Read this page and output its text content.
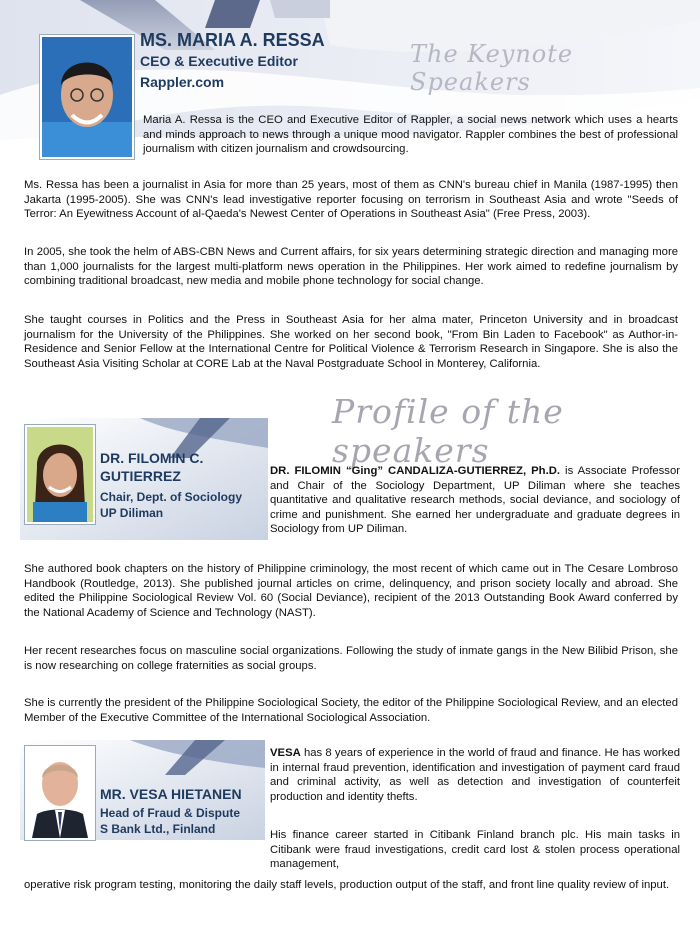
The Keynote Speakers
MS. MARIA A. RESSA
CEO & Executive Editor
Rappler.com

Maria A. Ressa is the CEO and Executive Editor of Rappler, a social news network which uses a hearts and minds approach to news through a unique mood navigator. Rappler combines the best of professional journalism with citizen journalism and crowdsourcing.

Ms. Ressa has been a journalist in Asia for more than 25 years, most of them as CNN's bureau chief in Manila (1987-1995) then Jakarta (1995-2005). She was CNN's lead investigative reporter focusing on terrorism in Southeast Asia and wrote "Seeds of Terror: An Eyewitness Account of al-Qaeda's Newest Center of Operations in Southeast Asia" (Free Press, 2003).

In 2005, she took the helm of ABS-CBN News and Current affairs, for six years determining strategic direction and managing more than 1,000 journalists for the largest multi-platform news operation in the Philippines. Her work aimed to redefine journalism by combining traditional broadcast, new media and mobile phone technology for social change.

She taught courses in Politics and the Press in Southeast Asia for her alma mater, Princeton University and in broadcast journalism for the University of the Philippines. She worked on her second book, "From Bin Laden to Facebook" as Author-in-Residence and Senior Fellow at the International Centre for Political Violence & Terrorism Research in Singapore. She is also the Southeast Asia Visiting Scholar at CORE Lab at the Naval Postgraduate School in Monterey, California.

Profile of the speakers
DR. FILOMIN C.
GUTIERREZ
Chair, Dept. of Sociology
UP Diliman

DR. FILOMIN “Ging” CANDALIZA-GUTIERREZ, Ph.D. is Associate Professor and Chair of the Sociology Department, UP Diliman where she teaches quantitative and qualitative research methods, social deviance, and sociology of crime and punishment. She earned her undergraduate and graduate degrees in Sociology from UP Diliman.

She authored book chapters on the history of Philippine criminology, the most recent of which came out in The Cesare Lombroso Handbook (Routledge, 2013). She published journal articles on crime, delinquency, and prison society locally and abroad. She edited the Philippine Sociological Review Vol. 60 (Social Deviance), recipient of the 2013 Outstanding Book Award conferred by the National Academy of Science and Technology (NAST).

Her recent researches focus on masculine social organizations. Following the study of inmate gangs in the New Bilibid Prison, she is now researching on college fraternities as social groups.

She is currently the president of the Philippine Sociological Society, the editor of the Philippine Sociological Review, and an elected Member of the Executive Committee of the International Sociological Association.

MR. VESA HIETANEN
Head of Fraud & Dispute
S Bank Ltd., Finland

VESA has 8 years of experience in the world of fraud and finance. He has worked in internal fraud prevention, identification and investigation of payment card fraud and criminal activity, as well as detection and investigation of counterfeit production and identity thefts.

His finance career started in Citibank Finland branch plc. His main tasks in Citibank were fraud investigations, credit card lost & stolen process operational management,

operative risk program testing, monitoring the daily staff levels, production output of the staff, and front line quality review of input.
